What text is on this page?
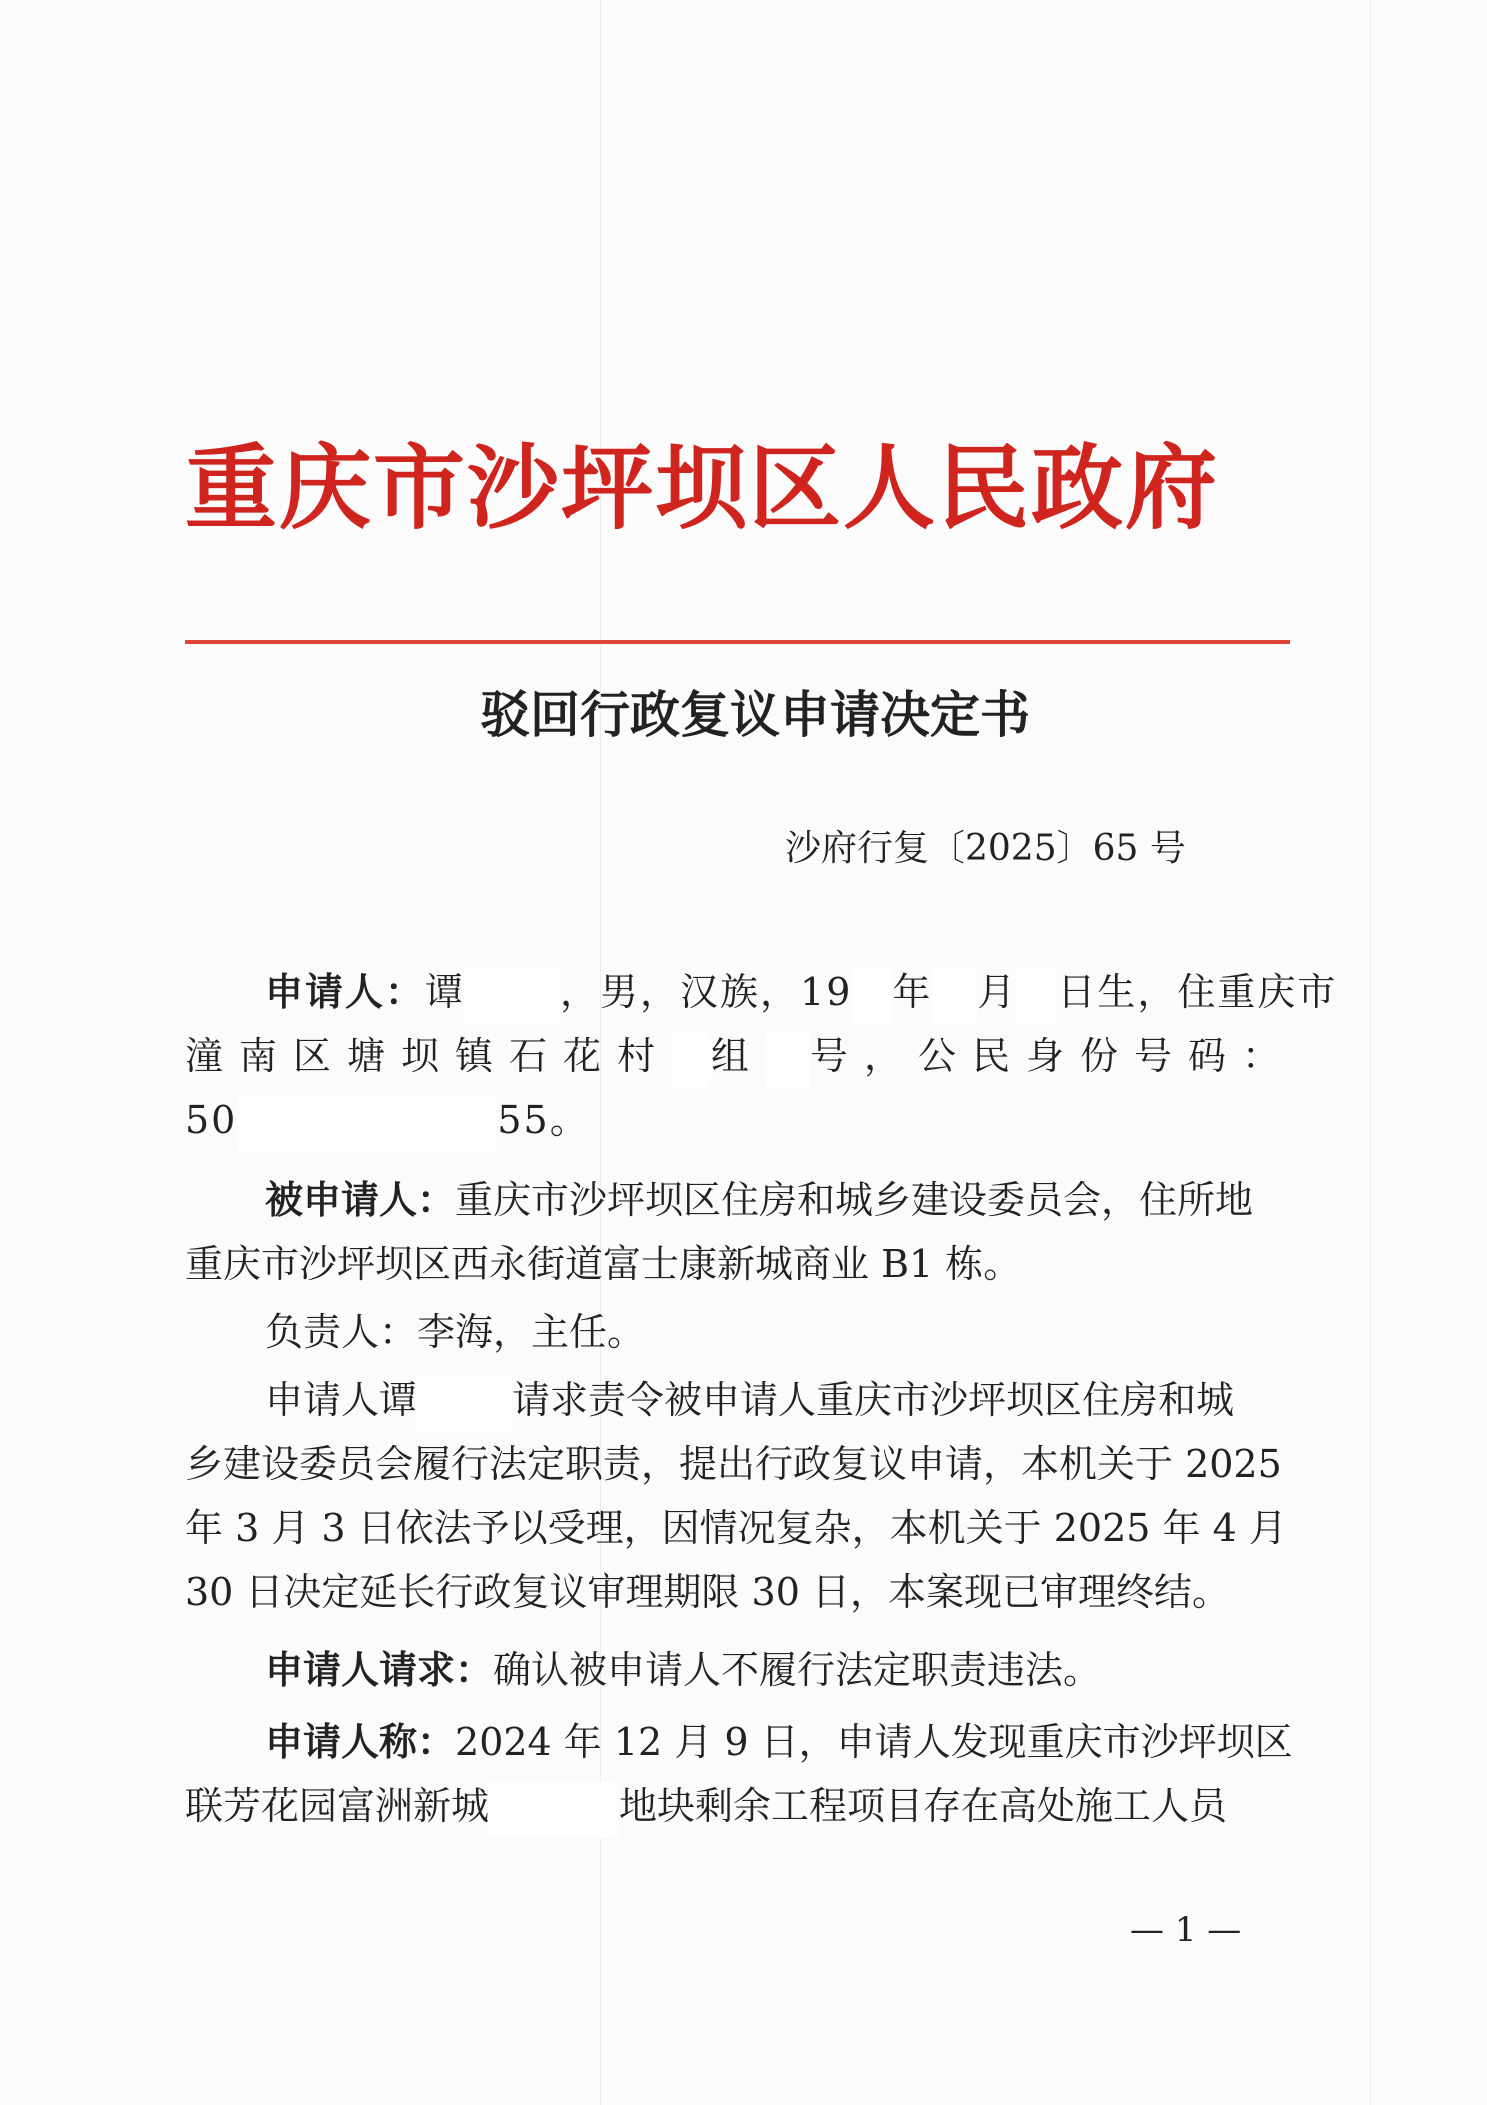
重庆市沙坪坝区人民政府
驳回行政复议申请决定书
沙府行复〔2025〕65 号
申请人：谭	，男，汉族，19 年 月 日生，住重庆市
潼南区塘坝镇石花村 组 号，公民身份号码：
50	55。
被申请人：重庆市沙坪坝区住房和城乡建设委员会，住所地
重庆市沙坪坝区西永街道富士康新城商业 B1 栋。
负责人：李海，主任。
申请人谭	请求责令被申请人重庆市沙坪坝区住房和城
乡建设委员会履行法定职责，提出行政复议申请，本机关于 2025
年 3 月 3 日依法予以受理，因情况复杂，本机关于 2025 年 4 月
30 日决定延长行政复议审理期限 30 日，本案现已审理终结。
申请人请求：确认被申请人不履行法定职责违法。
申请人称：2024 年 12 月 9 日，申请人发现重庆市沙坪坝区
联芳花园富洲新城	地块剩余工程项目存在高处施工人员
— 1 —
